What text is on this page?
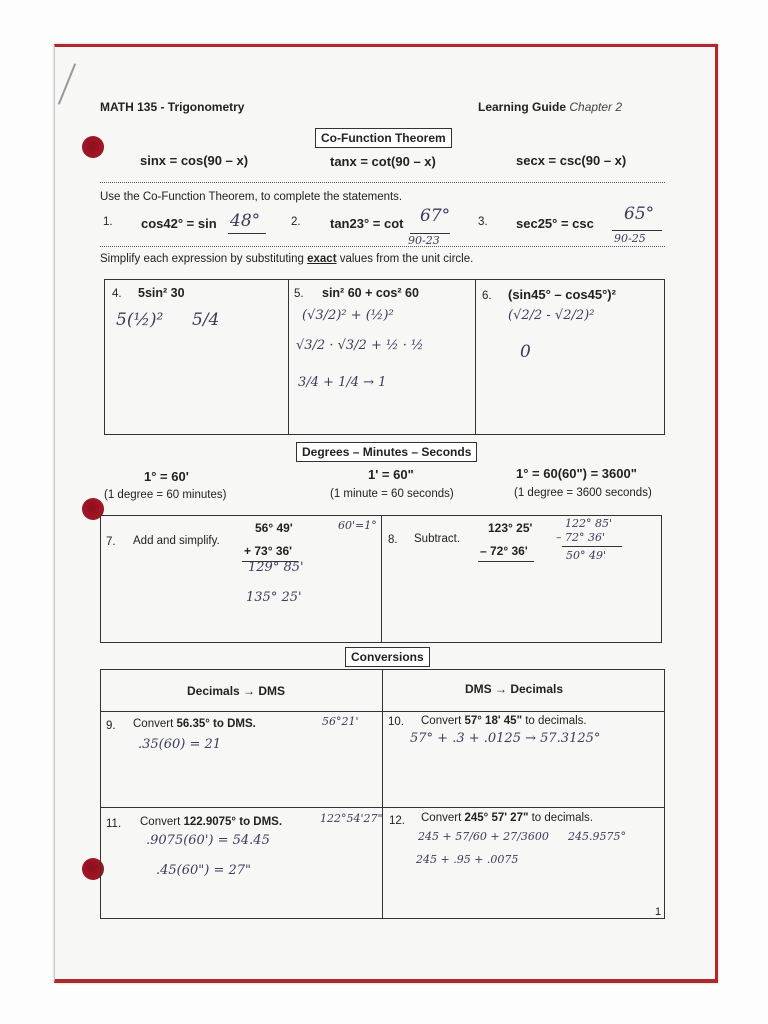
MATH 135 - Trigonometry	Learning Guide Chapter 2
Co-Function Theorem
sinx = cos(90 – x)	tanx = cot(90 – x)	secx = csc(90 – x)
Use the Co-Function Theorem, to complete the statements.
1. cos42° = sin 48°	2. tan23° = cot 67°
90-23
3. sec25° = csc 65°
90-25
Simplify each expression by substituting exact values from the unit circle.
4. 5sin² 30
5(½)² 5/4
5. sin² 60 + cos² 60
(√3/2)² + (½)²
√3/2 · √3/2 + ½ · ½
3/4 + 1/4 → 1
6. (sin45° – cos45°)²
(√2/2 - √2/2)²
0
Degrees – Minutes – Seconds
1° = 60'
(1 degree = 60 minutes)
1' = 60"
(1 minute = 60 seconds)
1° = 60(60") = 3600"
(1 degree = 3600 seconds)
7. Add and simplify.
56° 49'
+ 73° 36'
129° 85'
135° 25'
60'=1°
8. Subtract.
123° 25'
– 72° 36'
122° 85'
– 72° 36'
50° 49'
Conversions
Decimals → DMS	DMS → Decimals
9. Convert 56.35° to DMS.	56°21'
.35(60) = 21
10. Convert 57° 18' 45" to decimals.
57° + .3 + .0125 → 57.3125°
11. Convert 122.9075° to DMS.	122°54'27"
.9075(60') = 54.45
.45(60") = 27"
12. Convert 245° 57' 27" to decimals.
245.9575°
245 + 57/60 + 27/3600
245 + .95 + .0075
1
